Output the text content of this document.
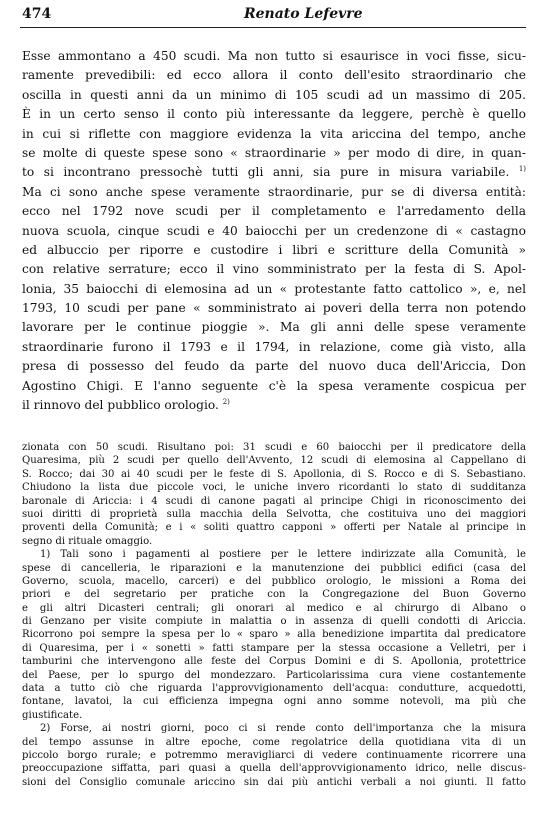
474	Renato Lefevre
Esse ammontano a 450 scudi. Ma non tutto si esaurisce in voci fisse, sicu-
ramente prevedibili: ed ecco allora il conto dell'esito straordinario che
oscilla in questi anni da un minimo di 105 scudi ad un massimo di 205.
È in un certo senso il conto più interessante da leggere, perchè è quello
in cui si riflette con maggiore evidenza la vita ariccina del tempo, anche
se molte di queste spese sono « straordinarie » per modo di dire, in quan-
to si incontrano pressochè tutti gli anni, sia pure in misura variabile. $^{1)}$
Ma ci sono anche spese veramente straordinarie, pur se di diversa entità:
ecco nel 1792 nove scudi per il completamento e l'arredamento della
nuova scuola, cinque scudi e 40 baiocchi per un credenzone di « castagno
ed albuccio per riporre e custodire i libri e scritture della Comunità »
con relative serrature; ecco il vino somministrato per la festa di S. Apol-
lonia, 35 baiocchi di elemosina ad un « protestante fatto cattolico », e, nel
1793, 10 scudi per pane « somministrato ai poveri della terra non potendo
lavorare per le continue pioggie ». Ma gli anni delle spese veramente
straordinarie furono il 1793 e il 1794, in relazione, come già visto, alla
presa di possesso del feudo da parte del nuovo duca dell'Ariccia, Don
Agostino Chigi. E l'anno seguente c'è la spesa veramente cospicua per
il rinnovo del pubblico orologio. $^{2)}$
zionata con 50 scudi. Risultano poi: 31 scudi e 60 baiocchi per il predicatore della
Quaresima, più 2 scudi per quello dell'Avvento, 12 scudi di elemosina al Cappellano di
S. Rocco; dai 30 ai 40 scudi per le feste di S. Apollonia, di S. Rocco e di S. Sebastiano.
Chiudono la lista due piccole voci, le uniche invero ricordanti lo stato di sudditanza
baronale di Ariccia: i 4 scudi di canone pagati al principe Chigi in riconoscimento dei
suoi diritti di proprietà sulla macchia della Selvotta, che costituiva uno dei maggiori
proventi della Comunità; e i « soliti quattro capponi » offerti per Natale al principe in
segno di rituale omaggio.
1) Tali sono i pagamenti al postiere per le lettere indirizzate alla Comunità, le
spese di cancelleria, le riparazioni e la manutenzione dei pubblici edifici (casa del
Governo, scuola, macello, carceri) e del pubblico orologio, le missioni a Roma dei
priori e del segretario per pratiche con la Congregazione del Buon Governo
e gli altri Dicasteri centrali; gli onorari al medico e al chirurgo di Albano o
di Genzano per visite compiute in malattia o in assenza di quelli condotti di Ariccia.
Ricorrono poi sempre la spesa per lo « sparo » alla benedizione impartita dal predicatore
di Quaresima, per i « sonetti » fatti stampare per la stessa occasione a Velletri, per i
tamburini che intervengono alle feste del Corpus Domini e di S. Apollonia, protettrice
del Paese, per lo spurgo del mondezzaro. Particolarissima cura viene costantemente
data a tutto ciò che riguarda l'approvvigionamento dell'acqua: condutture, acquedotti,
fontane, lavatoi, la cui efficienza impegna ogni anno somme notevoli, ma più che
giustificate.
2) Forse, ai nostri giorni, poco ci si rende conto dell'importanza che la misura
del tempo assunse in altre epoche, come regolatrice della quotidiana vita di un
piccolo borgo rurale; e potremmo meravigliarci di vedere continuamente ricorrere una
preoccupazione siffatta, pari quasi a quella dell'approvvigionamento idrico, nelle discus-
sioni del Consiglio comunale ariccino sin dai più antichi verbali a noi giunti. Il fatto
